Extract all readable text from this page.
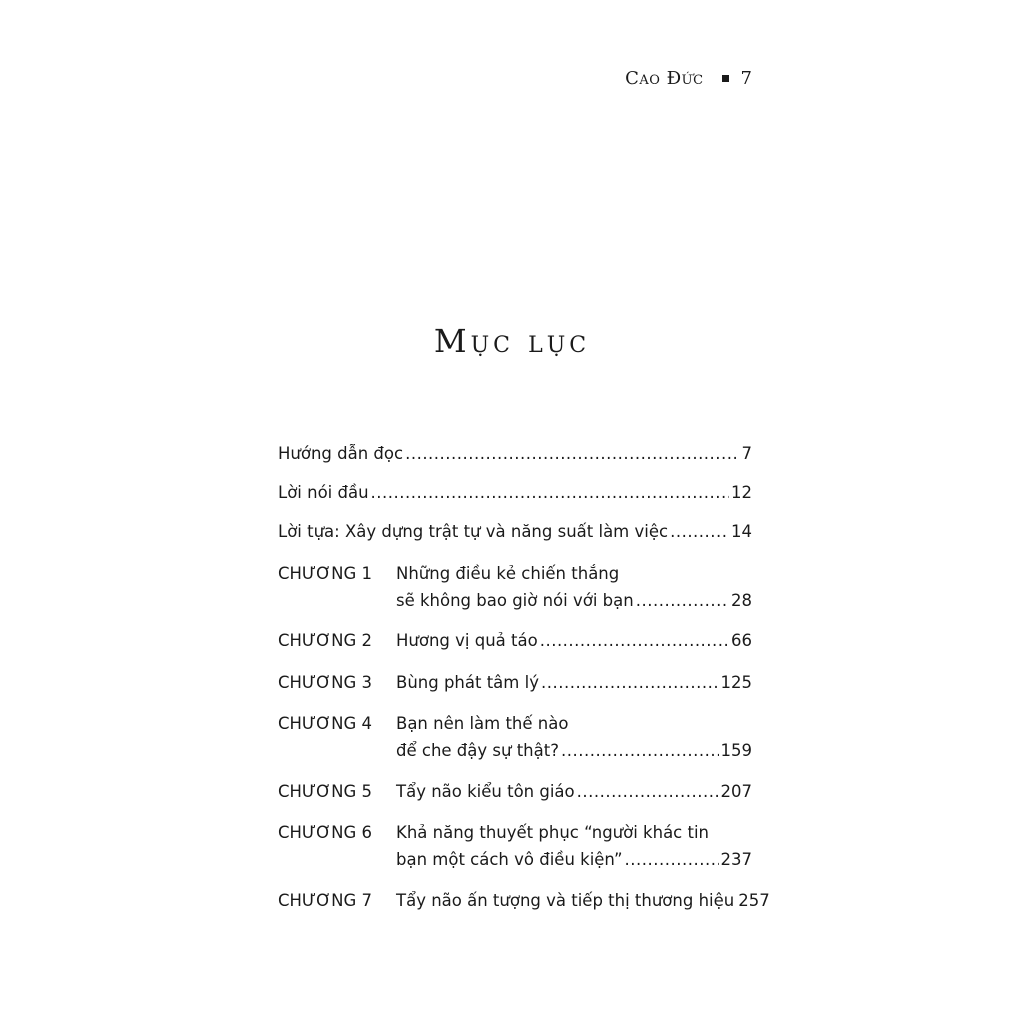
Cao Đức 7
Mục lục
Hướng dẫn đọc .....	7
Lời nói đầu .....	12
Lời tựa: Xây dựng trật tự và năng suất làm việc .....	14
CHƯƠNG 1	Những điều kẻ chiến thắng
sẽ không bao giờ nói với bạn .....	28
CHƯƠNG 2	Hương vị quả táo .....	66
CHƯƠNG 3	Bùng phát tâm lý .....	125
CHƯƠNG 4	Bạn nên làm thế nào
để che đậy sự thật? .....	159
CHƯƠNG 5	Tẩy não kiểu tôn giáo .....	207
CHƯƠNG 6	Khả năng thuyết phục “người khác tin
bạn một cách vô điều kiện” .....	237
CHƯƠNG 7	Tẩy não ấn tượng và tiếp thị thương hiệu 257
